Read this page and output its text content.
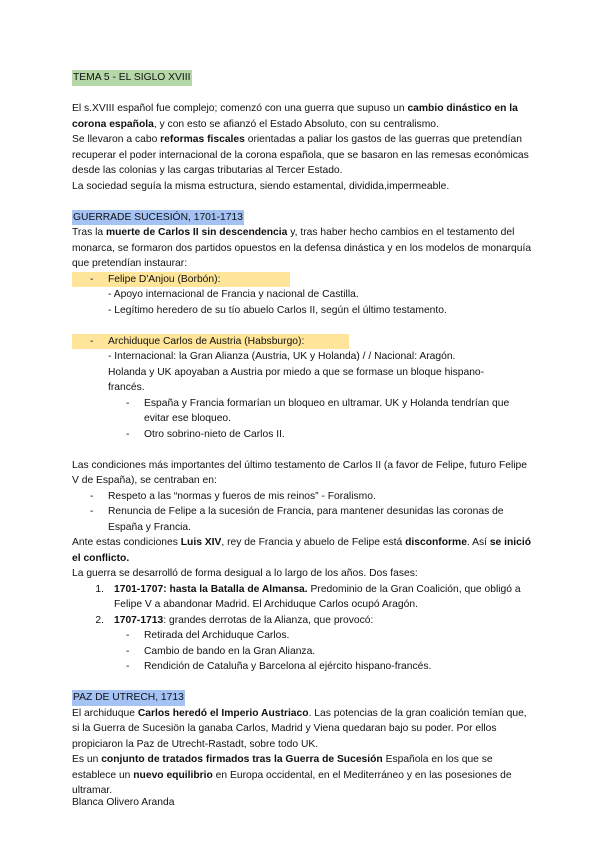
TEMA 5 - EL SIGLO XVIII

El s.XVIII español fue complejo; comenzó con una guerra que supuso un cambio dinástico en la corona española, y con esto se afianzó el Estado Absoluto, con su centralismo.

Se llevaron a cabo reformas fiscales orientadas a paliar los gastos de las guerras que pretendían recuperar el poder internacional de la corona española, que se basaron en las remesas económicas desde las colonias y las cargas tributarias al Tercer Estado.

La sociedad seguía la misma estructura, siendo estamental, dividida,impermeable.

GUERRADE SUCESIÓN, 1701-1713

Tras la muerte de Carlos II sin descendencia y, tras haber hecho cambios en el testamento del monarca, se formaron dos partidos opuestos en la defensa dinástica y en los modelos de monarquía que pretendían instaurar:

-	Felipe D'Anjou (Borbón):

- Apoyo internacional de Francia y nacional de Castilla.

- Legítimo heredero de su tío abuelo Carlos II, según el último testamento.

-	Archiduque Carlos de Austria (Habsburgo):

- Internacional: la Gran Alianza (Austria, UK y Holanda) / / Nacional: Aragón. Holanda y UK apoyaban a Austria por miedo a que se formase un bloque hispano-francés.

-	España y Francia formarían un bloqueo en ultramar. UK y Holanda tendrían que evitar ese bloqueo.
-	Otro sobrino-nieto de Carlos II.

Las condiciones más importantes del último testamento de Carlos II (a favor de Felipe, futuro Felipe V de España), se centraban en:

-	Respeto a las “normas y fueros de mis reinos” - Foralismo.
-	Renuncia de Felipe a la sucesión de Francia, para mantener desunidas las coronas de España y Francia.

Ante estas condiciones Luis XIV, rey de Francia y abuelo de Felipe está disconforme. Así se inició el conflicto.

La guerra se desarrolló de forma desigual a lo largo de los años. Dos fases:

1. 1701-1707: hasta la Batalla de Almansa. Predominio de la Gran Coalición, que obligó a Felipe V a abandonar Madrid. El Archiduque Carlos ocupó Aragón.
2. 1707-1713: grandes derrotas de la Alianza, que provocó:
-	Retirada del Archiduque Carlos.
-	Cambio de bando en la Gran Alianza.
-	Rendición de Cataluña y Barcelona al ejército hispano-francés.

PAZ DE UTRECH, 1713

El archiduque Carlos heredó el Imperio Austriaco. Las potencias de la gran coalición temían que, si la Guerra de Sucesiön la ganaba Carlos, Madrid y Viena quedaran bajo su poder. Por ellos propiciaron la Paz de Utrecht-Rastadt, sobre todo UK.

Es un conjunto de tratados firmados tras la Guerra de Sucesión Española en los que se establece un nuevo equilibrio en Europa occidental, en el Mediterráneo y en las posesiones de ultramar.

Blanca Olivero Aranda
